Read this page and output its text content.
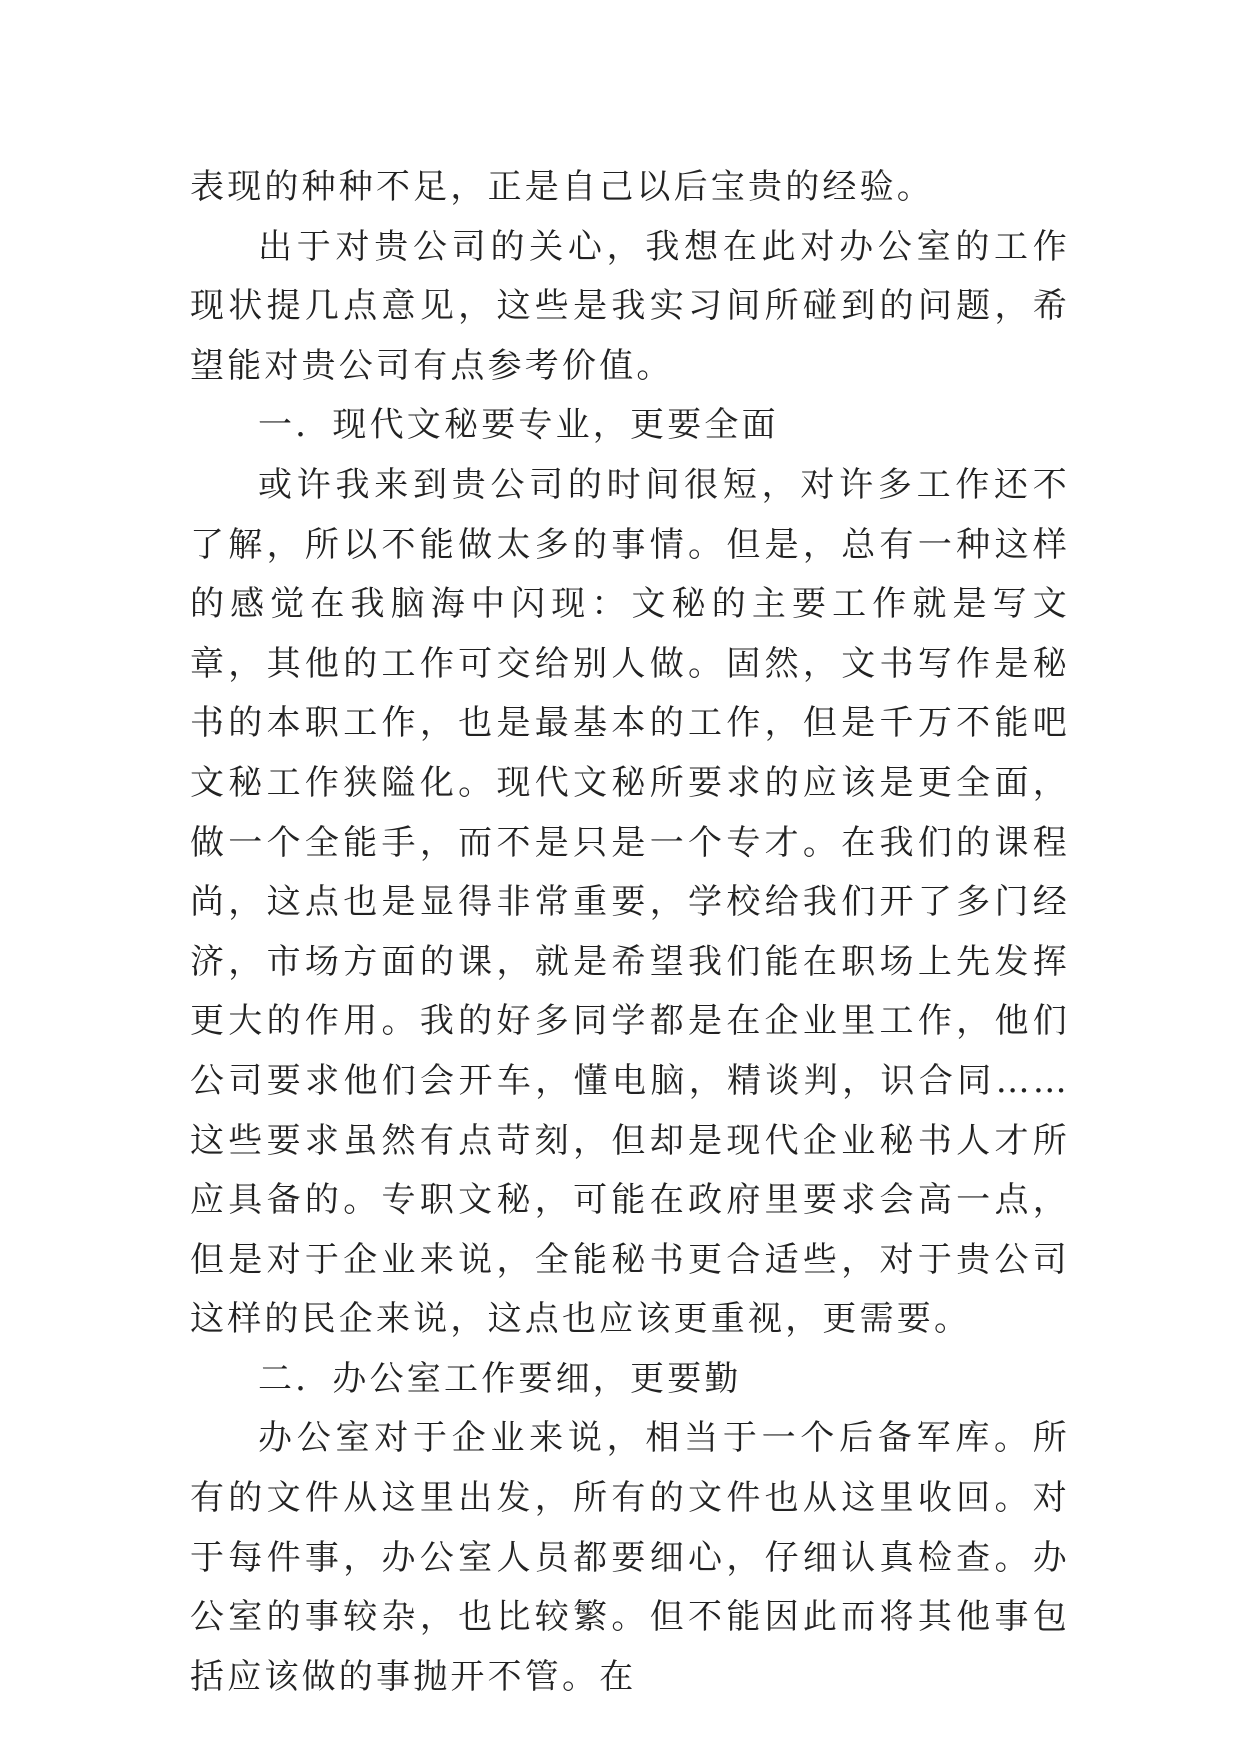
表现的种种不足，正是自己以后宝贵的经验。

出于对贵公司的关心，我想在此对办公室的工作现状提几点意见，这些是我实习间所碰到的问题，希望能对贵公司有点参考价值。

一．现代文秘要专业，更要全面

或许我来到贵公司的时间很短，对许多工作还不了解，所以不能做太多的事情。但是，总有一种这样的感觉在我脑海中闪现：文秘的主要工作就是写文章，其他的工作可交给别人做。固然，文书写作是秘书的本职工作，也是最基本的工作，但是千万不能吧文秘工作狭隘化。现代文秘所要求的应该是更全面，做一个全能手，而不是只是一个专才。在我们的课程尚，这点也是显得非常重要，学校给我们开了多门经济，市场方面的课，就是希望我们能在职场上先发挥更大的作用。我的好多同学都是在企业里工作，他们公司要求他们会开车，懂电脑，精谈判，识合同……这些要求虽然有点苛刻，但却是现代企业秘书人才所应具备的。专职文秘，可能在政府里要求会高一点，但是对于企业来说，全能秘书更合适些，对于贵公司这样的民企来说，这点也应该更重视，更需要。

二．办公室工作要细，更要勤

办公室对于企业来说，相当于一个后备军库。所有的文件从这里出发，所有的文件也从这里收回。对于每件事，办公室人员都要细心，仔细认真检查。办公室的事较杂，也比较繁。但不能因此而将其他事包括应该做的事抛开不管。在
